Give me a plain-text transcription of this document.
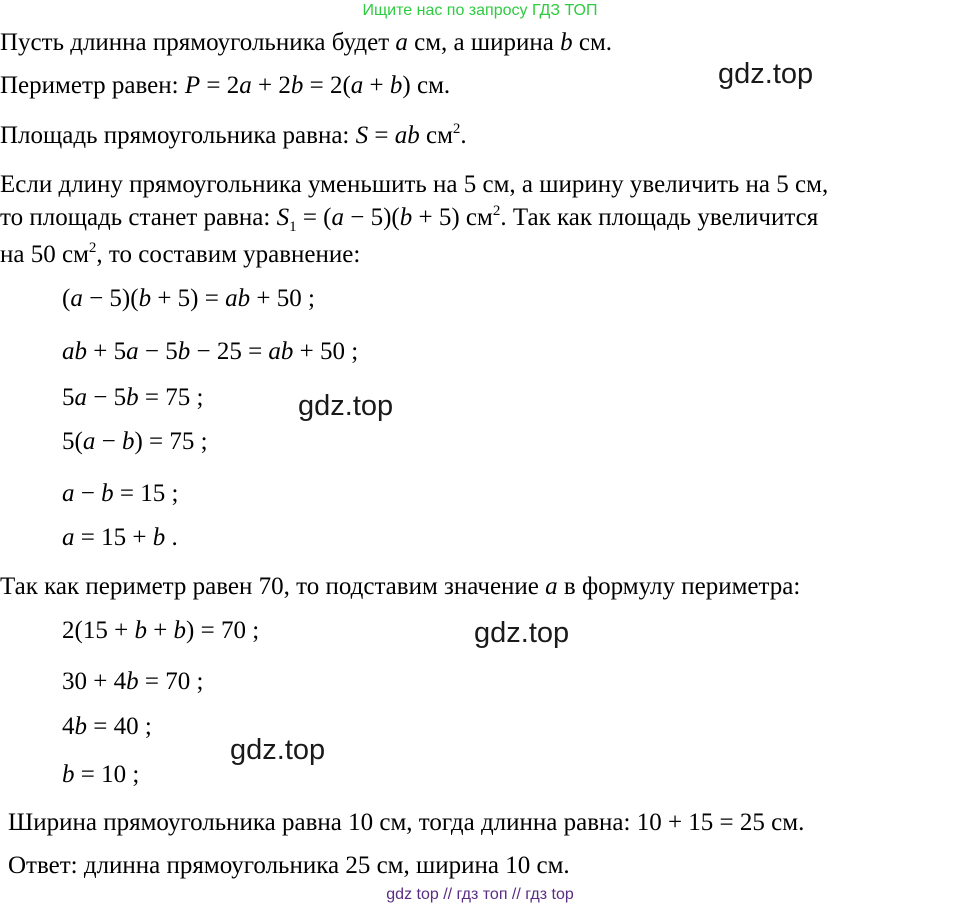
Ищите нас по запросу ГДЗ ТОП
Пусть длинна прямоугольника будет a см, а ширина b см.
Периметр равен: P = 2a + 2b = 2(a + b) см.
Площадь прямоугольника равна: S = ab $см^2$.
Если длину прямоугольника уменьшить на 5 см, а ширину увеличить на 5 см,
то площадь станет равна: $S_1 = (a - 5)(b + 5)$ $см^2$. Так как площадь увеличится
на 50 $см^2$, то составим уравнение:
(a − 5)(b + 5) = ab + 50 ;
ab + 5a − 5b − 25 = ab + 50 ;
5a − 5b = 75 ;
5(a − b) = 75 ;
a − b = 15 ;
a = 15 + b .
Так как периметр равен 70, то подставим значение a в формулу периметра:
2(15 + b + b) = 70 ;
30 + 4b = 70 ;
4b = 40 ;
b = 10 ;
Ширина прямоугольника равна 10 см, тогда длинна равна: 10 + 15 = 25 см.
Ответ: длинна прямоугольника 25 см, ширина 10 см.
gdz.top
gdz.top
gdz.top
gdz.top
gdz top // гдз топ // гдз top
